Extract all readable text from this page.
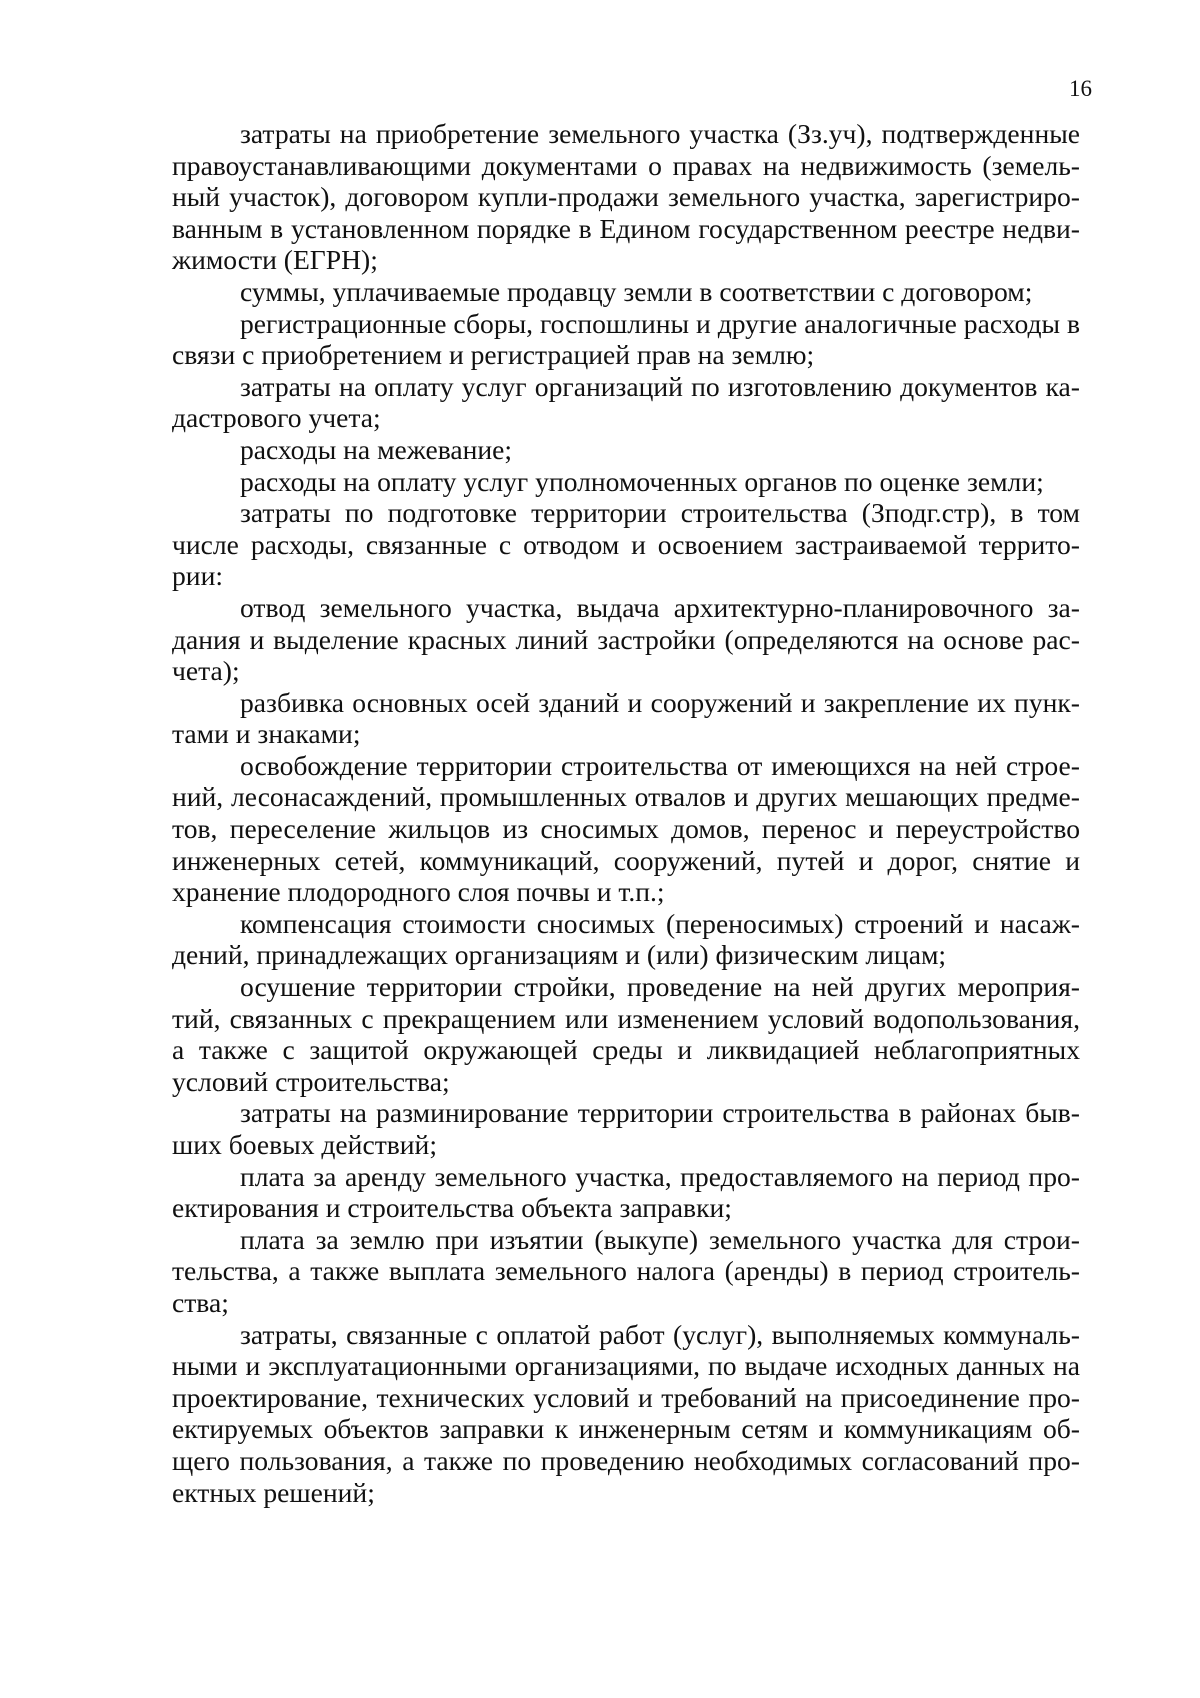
16

затраты на приобретение земельного участка (Зз.уч), подтвержденные правоустанавливающими документами о правах на недвижимость (земельный участок), договором купли-продажи земельного участка, зарегистрированным в установленном порядке в Едином государственном реестре недвижимости (ЕГРН);

суммы, уплачиваемые продавцу земли в соответствии с договором;

регистрационные сборы, госпошлины и другие аналогичные расходы в связи с приобретением и регистрацией прав на землю;

затраты на оплату услуг организаций по изготовлению документов кадастрового учета;

расходы на межевание;

расходы на оплату услуг уполномоченных органов по оценке земли;

затраты по подготовке территории строительства (Зподг.стр), в том числе расходы, связанные с отводом и освоением застраиваемой территории:

отвод земельного участка, выдача архитектурно-планировочного задания и выделение красных линий застройки (определяются на основе расчета);

разбивка основных осей зданий и сооружений и закрепление их пунктами и знаками;

освобождение территории строительства от имеющихся на ней строений, лесонасаждений, промышленных отвалов и других мешающих предметов, переселение жильцов из сносимых домов, перенос и переустройство инженерных сетей, коммуникаций, сооружений, путей и дорог, снятие и хранение плодородного слоя почвы и т.п.;

компенсация стоимости сносимых (переносимых) строений и насаждений, принадлежащих организациям и (или) физическим лицам;

осушение территории стройки, проведение на ней других мероприятий, связанных с прекращением или изменением условий водопользования, а также с защитой окружающей среды и ликвидацией неблагоприятных условий строительства;

затраты на разминирование территории строительства в районах бывших боевых действий;

плата за аренду земельного участка, предоставляемого на период проектирования и строительства объекта заправки;

плата за землю при изъятии (выкупе) земельного участка для строительства, а также выплата земельного налога (аренды) в период строительства;

затраты, связанные с оплатой работ (услуг), выполняемых коммунальными и эксплуатационными организациями, по выдаче исходных данных на проектирование, технических условий и требований на присоединение проектируемых объектов заправки к инженерным сетям и коммуникациям общего пользования, а также по проведению необходимых согласований проектных решений;
